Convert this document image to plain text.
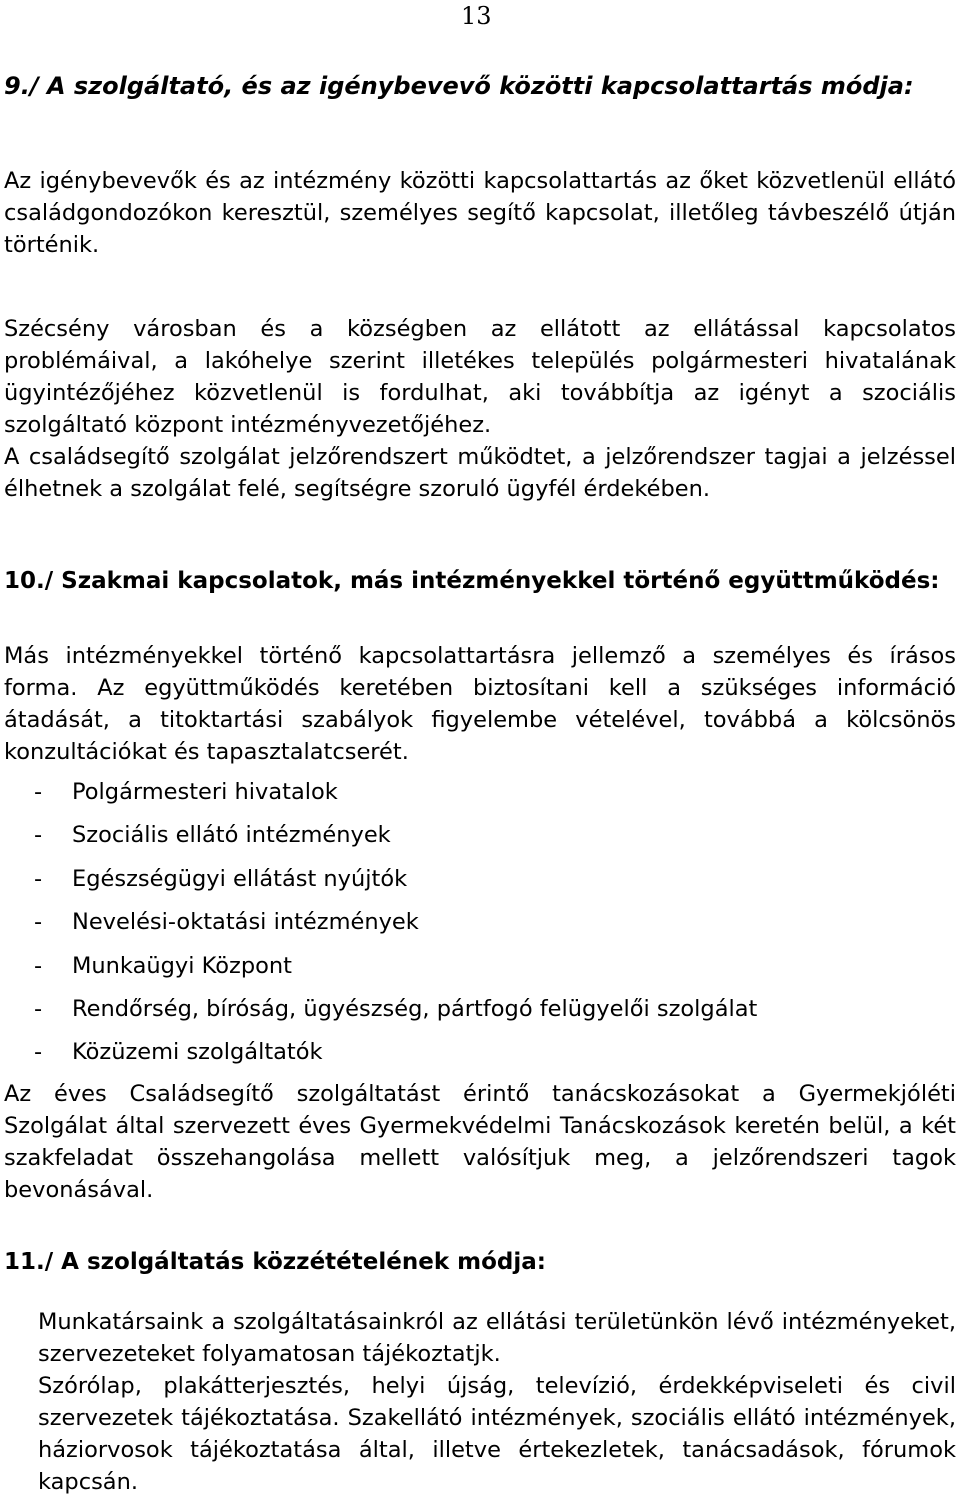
13
9./ A szolgáltató, és az igénybevevő közötti kapcsolattartás módja:

Az igénybevevők és az intézmény közötti kapcsolattartás az őket közvetlenül ellátó családgondozókon keresztül, személyes segítő kapcsolat, illetőleg távbeszélő útján történik.

Szécsény városban és a községben az ellátott az ellátással kapcsolatos problémáival, a lakóhelye szerint illetékes település polgármesteri hivatalának ügyintézőjéhez közvetlenül is fordulhat, aki továbbítja az igényt a szociális szolgáltató központ intézményvezetőjéhez.

A családsegítő szolgálat jelzőrendszert működtet, a jelzőrendszer tagjai a jelzéssel élhetnek a szolgálat felé, segítségre szoruló ügyfél érdekében.

10./ Szakmai kapcsolatok, más intézményekkel történő együttműködés:

Más intézményekkel történő kapcsolattartásra jellemző a személyes és írásos forma. Az együttműködés keretében biztosítani kell a szükséges információ átadását, a titoktartási szabályok figyelembe vételével, továbbá a kölcsönös konzultációkat és tapasztalatcserét.

- Polgármesteri hivatalok
- Szociális ellátó intézmények
- Egészségügyi ellátást nyújtók
- Nevelési-oktatási intézmények
- Munkaügyi Központ
- Rendőrség, bíróság, ügyészség, pártfogó felügyelői szolgálat
- Közüzemi szolgáltatók

Az éves Családsegítő szolgáltatást érintő tanácskozásokat a Gyermekjóléti Szolgálat által szervezett éves Gyermekvédelmi Tanácskozások keretén belül, a két szakfeladat összehangolása mellett valósítjuk meg, a jelzőrendszeri tagok bevonásával.

11./ A szolgáltatás közzétételének módja:

Munkatársaink a szolgáltatásainkról az ellátási területünkön lévő intézményeket, szervezeteket folyamatosan tájékoztatjk.

Szórólap, plakátterjesztés, helyi újság, televízió, érdekképviseleti és civil szervezetek tájékoztatása. Szakellátó intézmények, szociális ellátó intézmények, háziorvosok tájékoztatása által, illetve értekezletek, tanácsadások, fórumok kapcsán.
